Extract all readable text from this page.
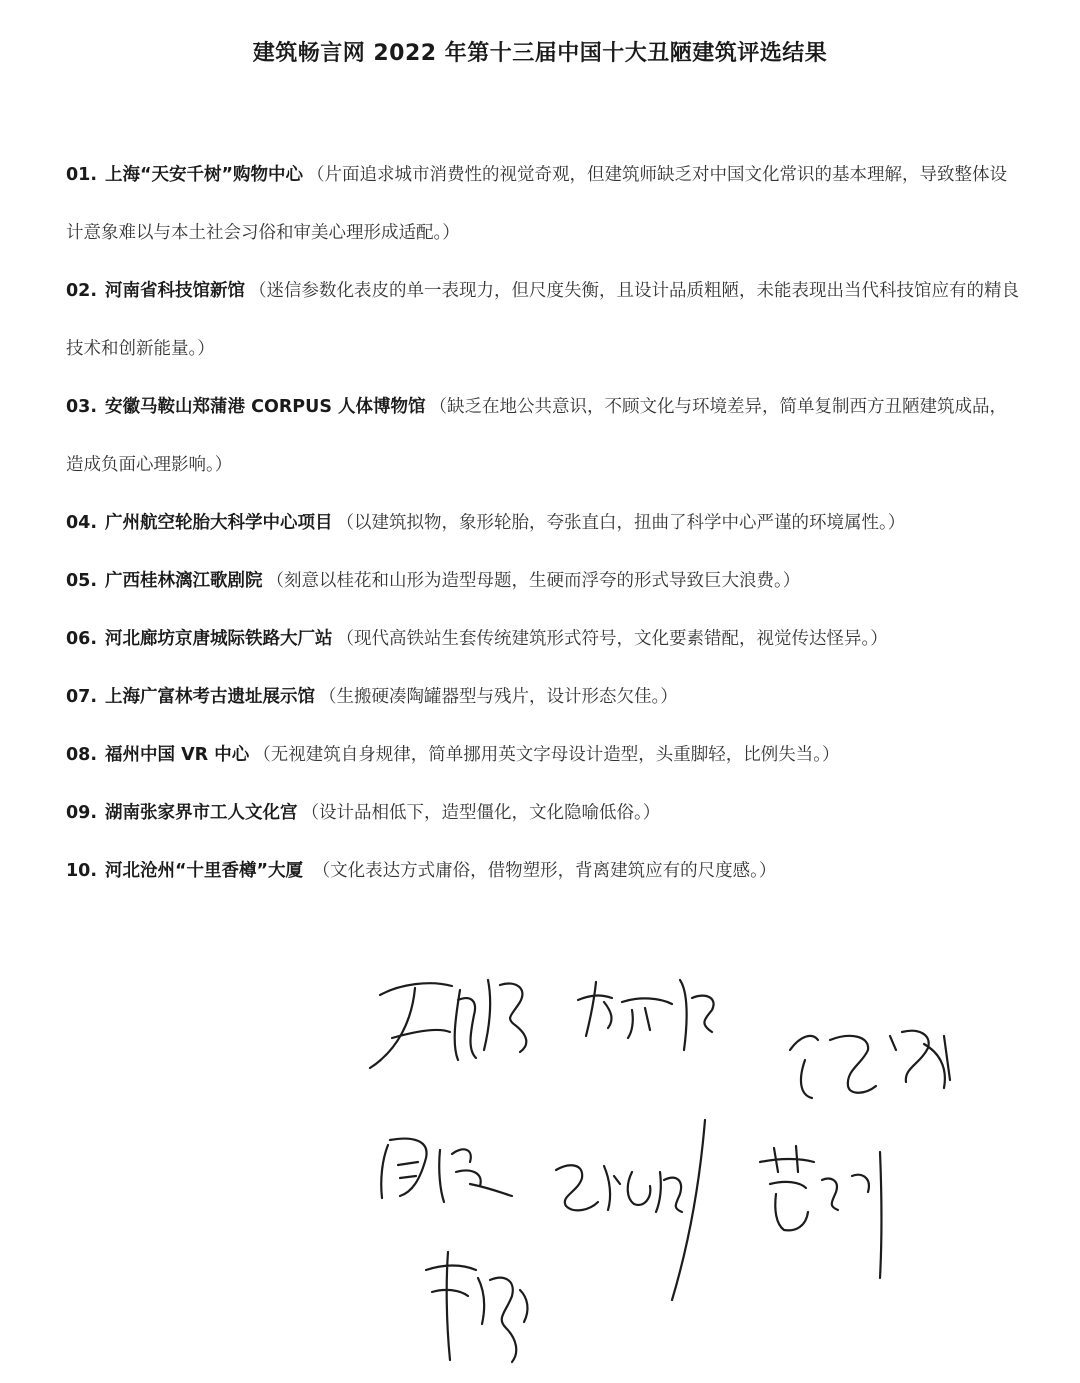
建筑畅言网 2022 年第十三届中国十大丑陋建筑评选结果

01. 上海“天安千树”购物中心 （片面追求城市消费性的视觉奇观，但建筑师缺乏对中国文化常识的基本理解，导致整体设计意象难以与本土社会习俗和审美心理形成适配。）

02. 河南省科技馆新馆 （迷信参数化表皮的单一表现力，但尺度失衡，且设计品质粗陋，未能表现出当代科技馆应有的精良技术和创新能量。）

03. 安徽马鞍山郑蒲港 CORPUS 人体博物馆 （缺乏在地公共意识，不顾文化与环境差异，简单复制西方丑陋建筑成品，造成负面心理影响。）

04. 广州航空轮胎大科学中心项目 （以建筑拟物，象形轮胎，夸张直白，扭曲了科学中心严谨的环境属性。）

05. 广西桂林漓江歌剧院 （刻意以桂花和山形为造型母题，生硬而浮夸的形式导致巨大浪费。）

06. 河北廊坊京唐城际铁路大厂站 （现代高铁站生套传统建筑形式符号，文化要素错配，视觉传达怪异。）

07. 上海广富林考古遗址展示馆 （生搬硬凑陶罐器型与残片，设计形态欠佳。）

08. 福州中国 VR 中心 （无视建筑自身规律，简单挪用英文字母设计造型，头重脚轻，比例失当。）

09. 湖南张家界市工人文化宫 （设计品相低下，造型僵化，文化隐喻低俗。）

10. 河北沧州“十里香樽”大厦 （文化表达方式庸俗，借物塑形，背离建筑应有的尺度感。）
